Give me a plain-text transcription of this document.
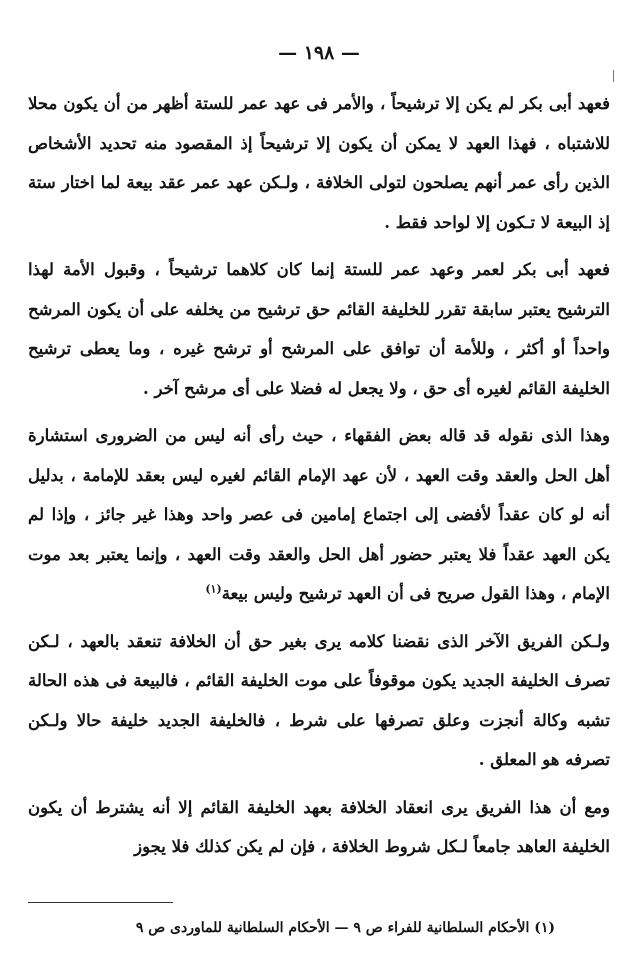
— ١٩٨ —

فعهد أبى بكر لم يكن إلا ترشيحاً ، والأمر فى عهد عمر للستة أظهر من أن يكون محلا للاشتباه ، فهذا العهد لا يمكن أن يكون إلا ترشيحاً إذ المقصود منه تحديد الأشخاص الذين رأى عمر أنهم يصلحون لتولى الخلافة ، ولـكن عهد عمر عقد بيعة لما اختار ستة إذ البيعة لا تـكون إلا لواحد فقط .

فعهد أبى بكر لعمر وعهد عمر للستة إنما كان كلاهما ترشيحاً ، وقبول الأمة لهذا الترشيح يعتبر سابقة تقرر للخليفة القائم حق ترشيح من يخلفه على أن يكون المرشح واحداً أو أكثر ، وللأمة أن توافق على المرشح أو ترشح غيره ، وما يعطى ترشيح الخليفة القائم لغيره أى حق ، ولا يجعل له فضلا على أى مرشح آخر .

وهذا الذى نقوله قد قاله بعض الفقهاء ، حيث رأى أنه ليس من الضرورى استشارة أهل الحل والعقد وقت العهد ، لأن عهد الإمام القائم لغيره ليس بعقد للإمامة ، بدليل أنه لو كان عقداً لأفضى إلى اجتماع إمامين فى عصر واحد وهذا غير جائز ، وإذا لم يكن العهد عقداً فلا يعتبر حضور أهل الحل والعقد وقت العهد ، وإنما يعتبر بعد موت الإمام ، وهذا القول صريح فى أن العهد ترشيح وليس بيعة$^{(١)}$

ولـكن الفريق الآخر الذى نقضنا كلامه يرى بغير حق أن الخلافة تنعقد بالعهد ، لـكن تصرف الخليفة الجديد يكون موقوفاً على موت الخليفة القائم ، فالبيعة فى هذه الحالة تشبه وكالة أنجزت وعلق تصرفها على شرط ، فالخليفة الجديد خليفة حالا ولـكن تصرفه هو المعلق .

ومع أن هذا الفريق يرى انعقاد الخلافة بعهد الخليفة القائم إلا أنه يشترط أن يكون الخليفة العاهد جامعاً لـكل شروط الخلافة ، فإن لم يكن كذلك فلا يجوز

(١) الأحكام السلطانية للفراء ص ٩ — الأحكام السلطانية للماوردى ص ٩
